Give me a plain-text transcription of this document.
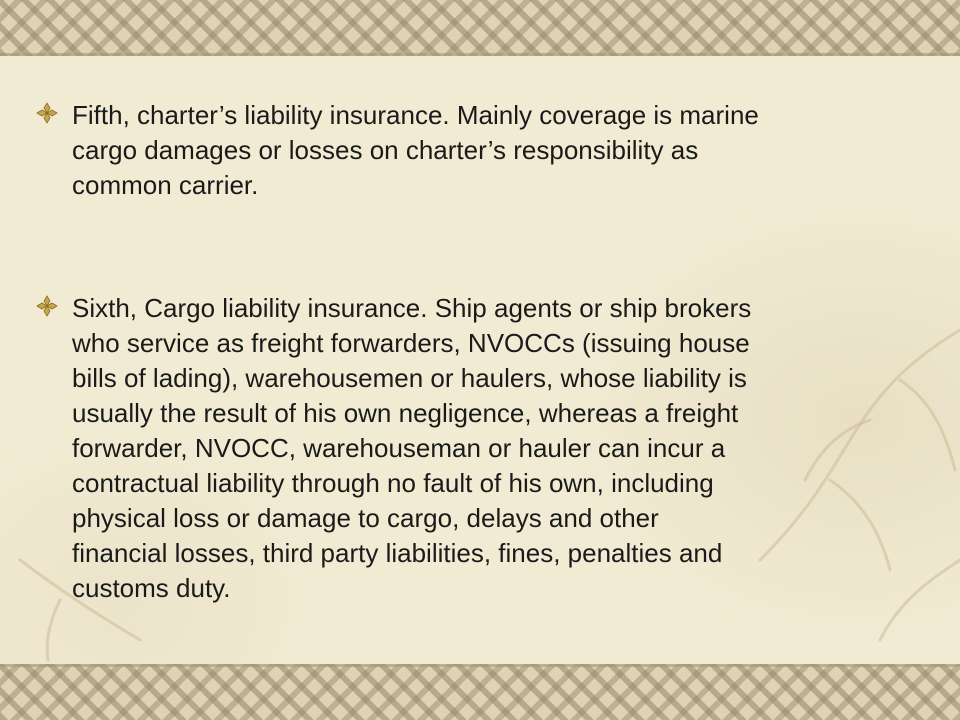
Fifth, charter’s liability insurance. Mainly coverage is marine
cargo damages or losses on charter’s responsibility as
common carrier.

Sixth, Cargo liability insurance. Ship agents or ship brokers
who service as freight forwarders, NVOCCs (issuing house
bills of lading), warehousemen or haulers, whose liability is
usually the result of his own negligence, whereas a freight
forwarder, NVOCC, warehouseman or hauler can incur a
contractual liability through no fault of his own, including
physical loss or damage to cargo, delays and other
financial losses, third party liabilities, fines, penalties and
customs duty.
